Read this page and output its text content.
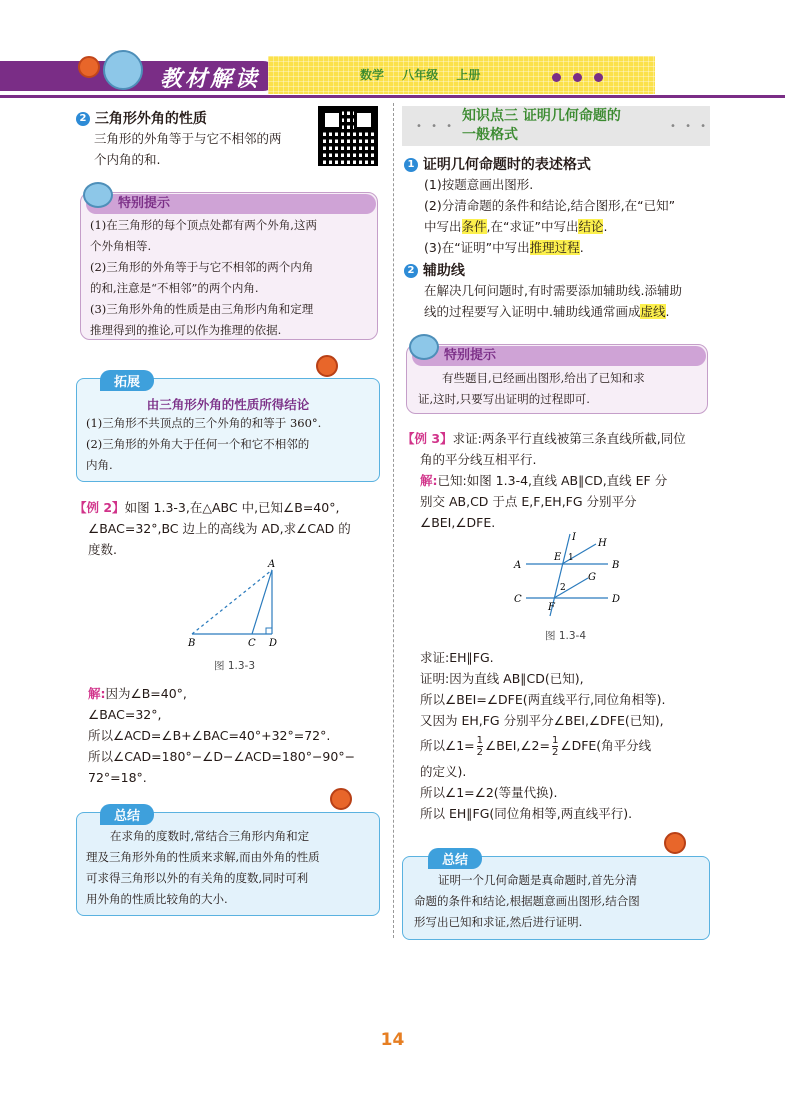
教材解读	数学 八年级 上册
2 三角形外角的性质
三角形的外角等于与它不相邻的两
个内角的和.
特别提示
(1)在三角形的每个顶点处都有两个外角,这两
个外角相等.
(2)三角形的外角等于与它不相邻的两个内角
的和,注意是“不相邻”的两个内角.
(3)三角形外角的性质是由三角形内角和定理
推理得到的推论,可以作为推理的依据.
拓展
由三角形外角的性质所得结论
(1)三角形不共顶点的三个外角的和等于 360°.
(2)三角形的外角大于任何一个和它不相邻的
内角.
【例 2】如图 1.3-3,在△ABC 中,已知∠B=40°,
∠BAC=32°,BC 边上的高线为 AD,求∠CAD 的
度数.
A
B	C D
图 1.3-3
解:因为∠B=40°,
∠BAC=32°,
所以∠ACD=∠B+∠BAC=40°+32°=72°.
所以∠CAD=180°−∠D−∠ACD=180°−90°−
72°=18°.
总结
在求角的度数时,常结合三角形内角和定
理及三角形外角的性质来求解,而由外角的性质
可求得三角形以外的有关角的度数,同时可利
用外角的性质比较角的大小.
• • •
知识点三 证明几何命题的
一般格式
• • •
1 证明几何命题时的表述格式
(1)按题意画出图形.
(2)分清命题的条件和结论,结合图形,在“已知”
中写出条件,在“求证”中写出结论.
(3)在“证明”中写出推理过程.
2 辅助线
在解决几何问题时,有时需要添加辅助线.添辅助
线的过程要写入证明中.辅助线通常画成虚线.
特别提示
有些题目,已经画出图形,给出了已知和求
证,这时,只要写出证明的过程即可.
【例 3】求证:两条平行直线被第三条直线所截,同位
角的平分线互相平行.
解:已知:如图 1.3-4,直线 AB∥CD,直线 EF 分
别交 AB,CD 于点 E,F,EH,FG 分别平分
∠BEI,∠DFE.
A	B
C	D
E
F
G
H
I
1
2
图 1.3-4
求证:EH∥FG.
证明:因为直线 AB∥CD(已知),
所以∠BEI=∠DFE(两直线平行,同位角相等).
又因为 EH,FG 分别平分∠BEI,∠DFE(已知),
所以∠1= $\frac{1}{2}$ ∠BEI,∠2= $\frac{1}{2}$ ∠DFE(角平分线
的定义).
所以∠1=∠2(等量代换).
所以 EH∥FG(同位角相等,两直线平行).
总结
证明一个几何命题是真命题时,首先分清
命题的条件和结论,根据题意画出图形,结合图
形写出已知和求证,然后进行证明.
14
